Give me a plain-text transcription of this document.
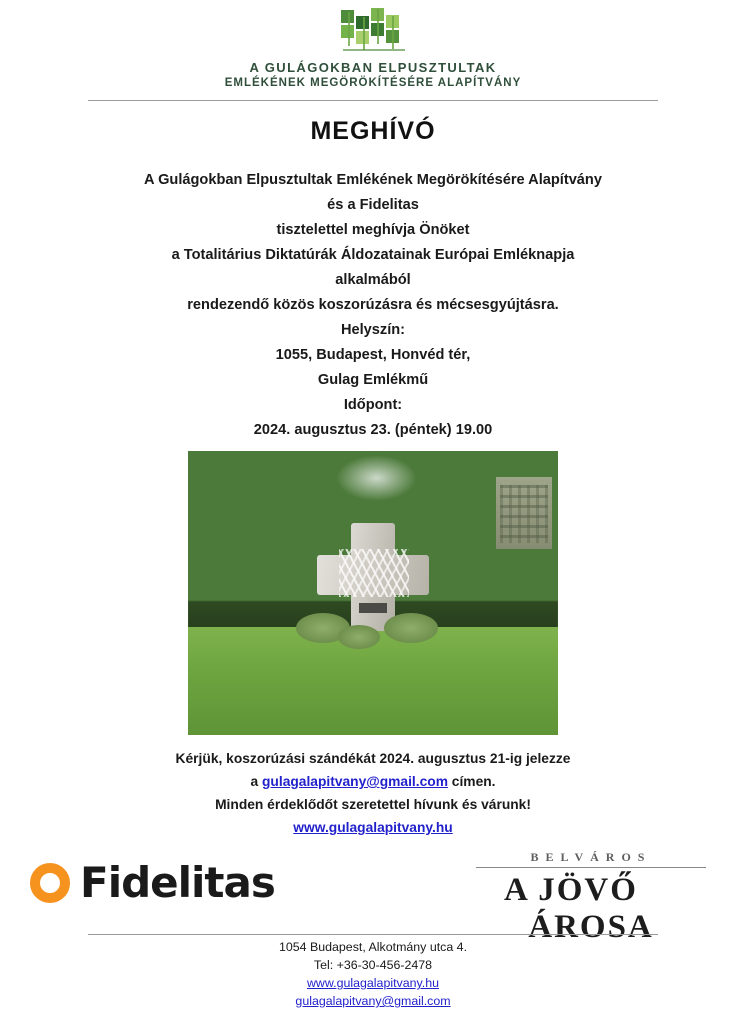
A GULÁGOKBAN ELPUSZTULTAK
EMLÉKÉNEK MEGÖRÖKÍTÉSÉRE ALAPÍTVÁNY
MEGHÍVÓ
A Gulágokban Elpusztultak Emlékének Megörökítésére Alapítvány
és a Fidelitas
tisztelettel meghívja Önöket
a Totalitárius Diktatúrák Áldozatainak Európai Emléknapja
alkalmából
rendezendő közös koszorúzásra és mécsesgyújtásra.
Helyszín:
1055, Budapest, Honvéd tér,
Gulag Emlékmű
Időpont:
2024. augusztus 23. (péntek) 19.00
Kérjük, koszorúzási szándékát 2024. augusztus 21-ig jelezze
a gulagalapitvany@gmail.com címen.
Minden érdeklődőt szeretettel hívunk és várunk!
www.gulagalapitvany.hu
Fidelitas
BELVÁROS
A JÖVŐ VÁROSA
1054 Budapest, Alkotmány utca 4.
Tel: +36-30-456-2478
www.gulagalapitvany.hu
gulagalapitvany@gmail.com
